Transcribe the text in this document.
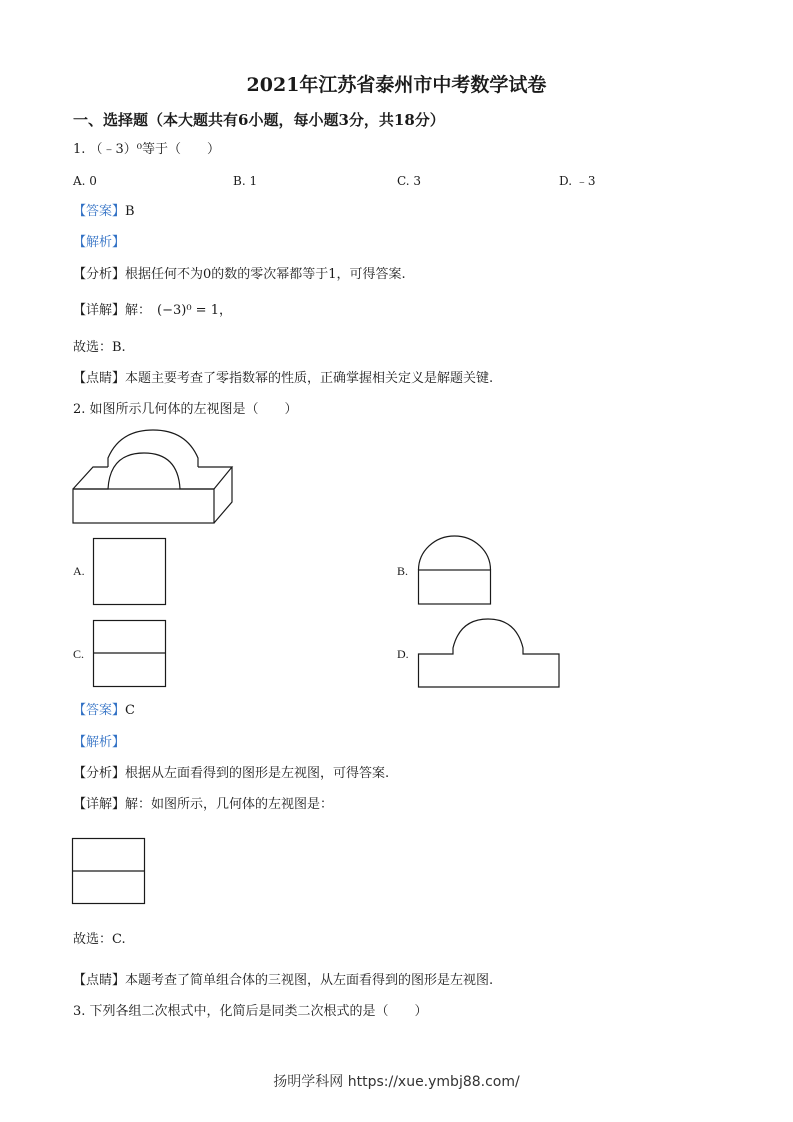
2021年江苏省泰州市中考数学试卷
一、选择题（本大题共有6小题，每小题3分，共18分）
1. （﹣3）⁰等于（　　）
A. 0	B. 1	C. 3	D. ﹣3
【答案】B
【解析】
【分析】根据任何不为0的数的零次幂都等于1，可得答案.
【详解】解： (−3)⁰ = 1，
故选：B.
【点睛】本题主要考查了零指数幂的性质，正确掌握相关定义是解题关键.
2. 如图所示几何体的左视图是（　　）
A.	B.
C.	D.
【答案】C
【解析】
【分析】根据从左面看得到的图形是左视图，可得答案.
【详解】解：如图所示，几何体的左视图是：
故选：C.
【点睛】本题考查了简单组合体的三视图，从左面看得到的图形是左视图.
3. 下列各组二次根式中，化简后是同类二次根式的是（　　）
扬明学科网 https://xue.ymbj88.com/
